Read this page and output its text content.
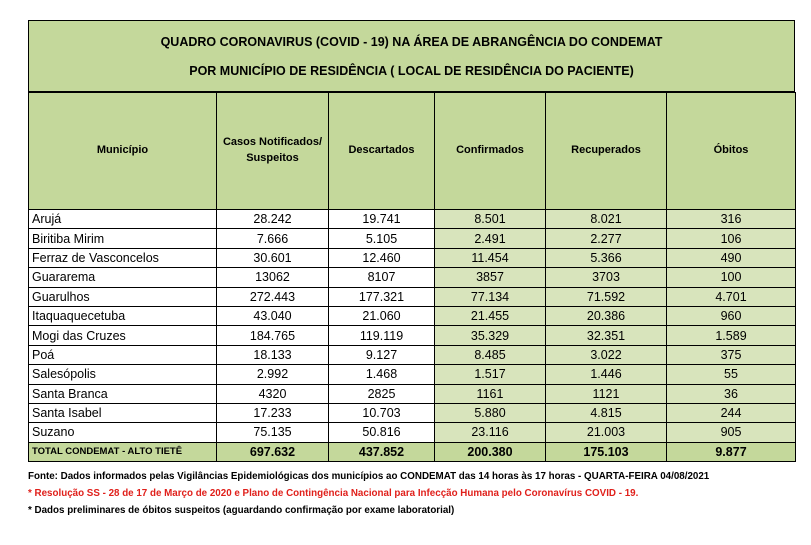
QUADRO CORONAVIRUS (COVID - 19) NA ÁREA DE ABRANGÊNCIA DO CONDEMAT
POR MUNICÍPIO DE RESIDÊNCIA ( LOCAL DE RESIDÊNCIA DO PACIENTE)
Município	Casos Notificados/ Suspeitos	Descartados	Confirmados	Recuperados	Óbitos
Arujá	28.242	19.741	8.501	8.021	316
Biritiba Mirim	7.666	5.105	2.491	2.277	106
Ferraz de Vasconcelos	30.601	12.460	11.454	5.366	490
Guararema	13062	8107	3857	3703	100
Guarulhos	272.443	177.321	77.134	71.592	4.701
Itaquaquecetuba	43.040	21.060	21.455	20.386	960
Mogi das Cruzes	184.765	119.119	35.329	32.351	1.589
Poá	18.133	9.127	8.485	3.022	375
Salesópolis	2.992	1.468	1.517	1.446	55
Santa Branca	4320	2825	1161	1121	36
Santa Isabel	17.233	10.703	5.880	4.815	244
Suzano	75.135	50.816	23.116	21.003	905
TOTAL CONDEMAT - ALTO TIETÊ	697.632	437.852	200.380	175.103	9.877
Fonte: Dados informados pelas Vigilâncias Epidemiológicas dos municípios ao CONDEMAT das 14 horas às 17 horas - QUARTA-FEIRA 04/08/2021
* Resolução SS - 28 de 17 de Março de 2020 e Plano de Contingência Nacional para Infecção Humana pelo Coronavírus COVID - 19.
* Dados preliminares de óbitos suspeitos (aguardando confirmação por exame laboratorial)
